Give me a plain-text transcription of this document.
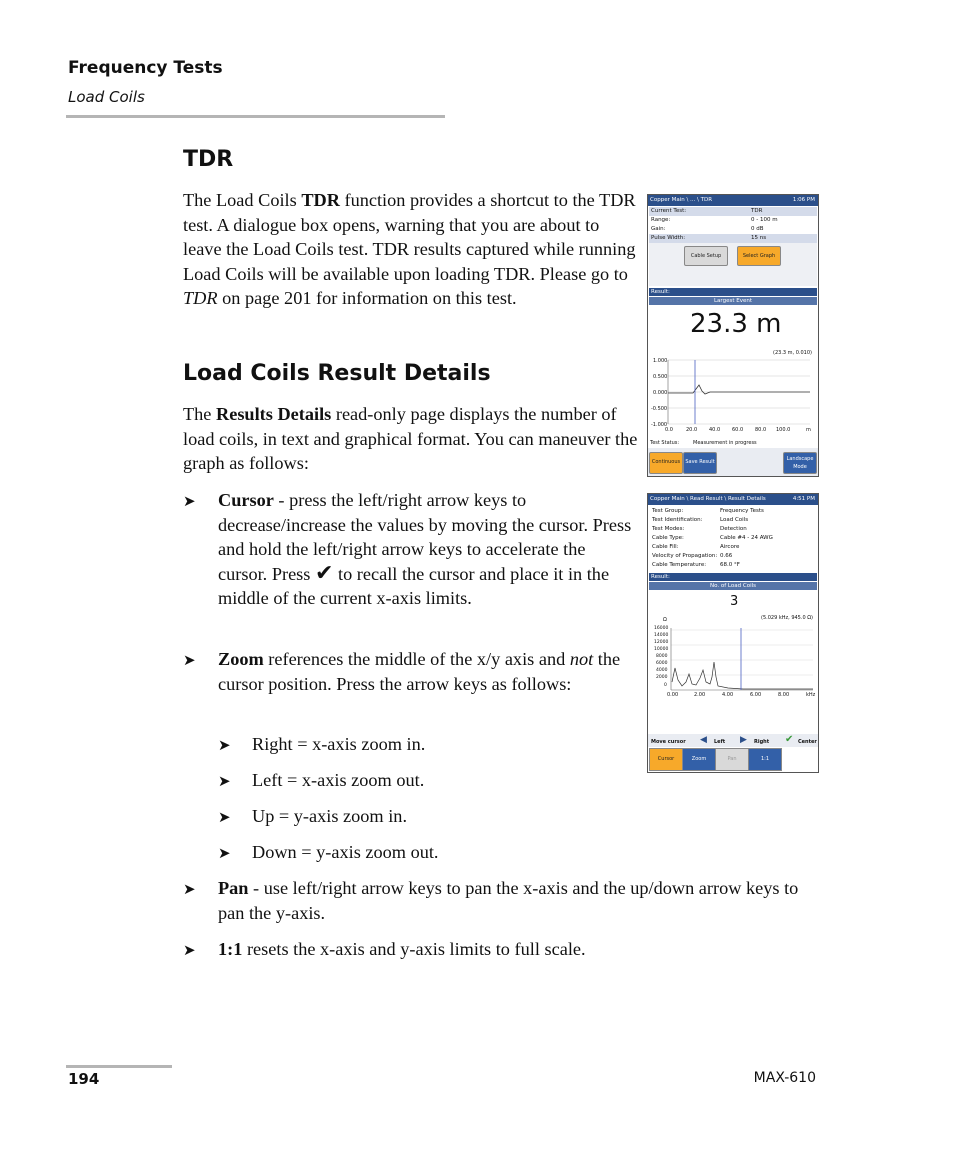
Frequency Tests
Load Coils
TDR
The Load Coils TDR function provides a shortcut to the TDR test. A dialogue box opens, warning that you are about to leave the Load Coils test. TDR results captured while running Load Coils will be available upon loading TDR. Please go to TDR on page 201 for information on this test.
Load Coils Result Details
The Results Details read-only page displays the number of load coils, in text and graphical format. You can maneuver the graph as follows:
➤ Cursor - press the left/right arrow keys to decrease/increase the values by moving the cursor. Press and hold the left/right arrow keys to accelerate the cursor. Press ✔ to recall the cursor and place it in the middle of the current x-axis limits.
➤ Zoom references the middle of the x/y axis and not the cursor position. Press the arrow keys as follows:
➤ Right = x-axis zoom in.
➤ Left = x-axis zoom out.
➤ Up = y-axis zoom in.
➤ Down = y-axis zoom out.
➤ Pan - use left/right arrow keys to pan the x-axis and the up/down arrow keys to pan the y-axis.
➤ 1:1 resets the x-axis and y-axis limits to full scale.
Copper Main \ ... \ TDR	1:06 PM
Current Test:	TDR
Range:	0 - 100 m
Gain:	0 dB
Pulse Width:	15 ns
Cable Setup	Select Graph
Result:
Largest Event
23.3 m
(23.3 m, 0.010)
1.000
0.500
0.000
-0.500
-1.000
0.0	20.0 40.0 60.0 80.0 100.0	m
Test Status:	Measurement in progress
Continuous	Save Result	Landscape Mode
Copper Main \ Read Result \ Result Details	4:51 PM
Test Group:	Frequency Tests
Test Identification:	Load Coils
Test Modes:	Detection
Cable Type:	Cable #4 - 24 AWG
Cable Fill:	Aircore
Velocity of Propagation: 0.66
Cable Temperature:	68.0 °F
Result:
No. of Load Coils
3
(5.029 kHz, 945.0 Ω)
Ω
16000
14000
12000
10000
8000
6000
4000
2000
0
0.00	2.00	4.00	6.00	8.00	kHz
Move cursor ◀ Left ▶ Right ✔ Center
Cursor	Zoom	Pan	1:1
194	MAX-610
